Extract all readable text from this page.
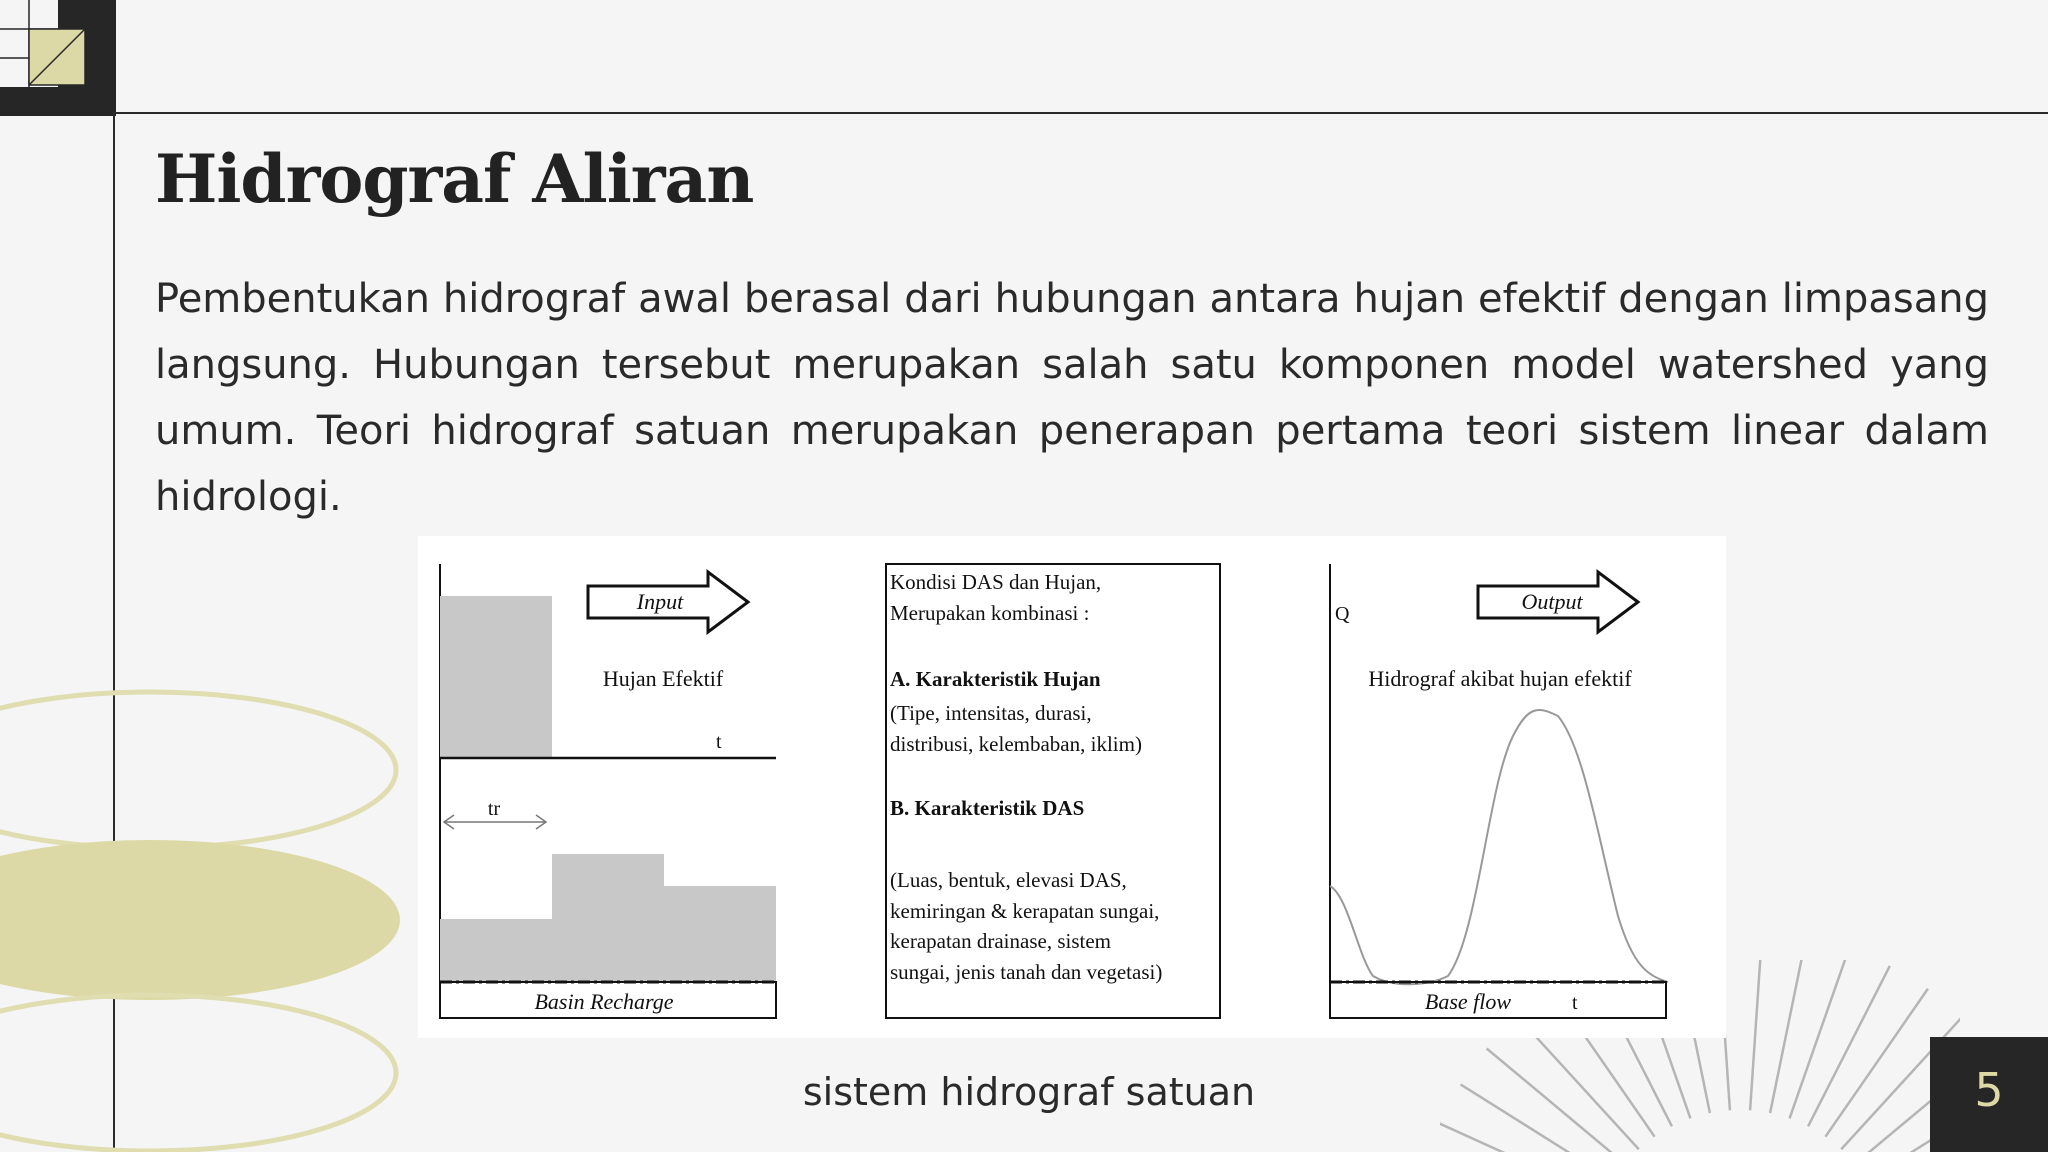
Hidrograf Aliran

Pembentukan hidrograf awal berasal dari hubungan antara hujan efektif dengan limpasang langsung. Hubungan tersebut merupakan salah satu komponen model watershed yang umum. Teori hidrograf satuan merupakan penerapan pertama teori sistem linear dalam hidrologi.

Input
Hujan Efektif
t
tr
Basin Recharge
Kondisi DAS dan Hujan,
Merupakan kombinasi :
A. Karakteristik Hujan
(Tipe, intensitas, durasi,
distribusi, kelembaban, iklim)
B. Karakteristik DAS
(Luas, bentuk, elevasi DAS,
kemiringan & kerapatan sungai,
kerapatan drainase, sistem
sungai, jenis tanah dan vegetasi)
Q	Output
Hidrograf akibat hujan efektif
Base flow	t
sistem hidrograf satuan	5
